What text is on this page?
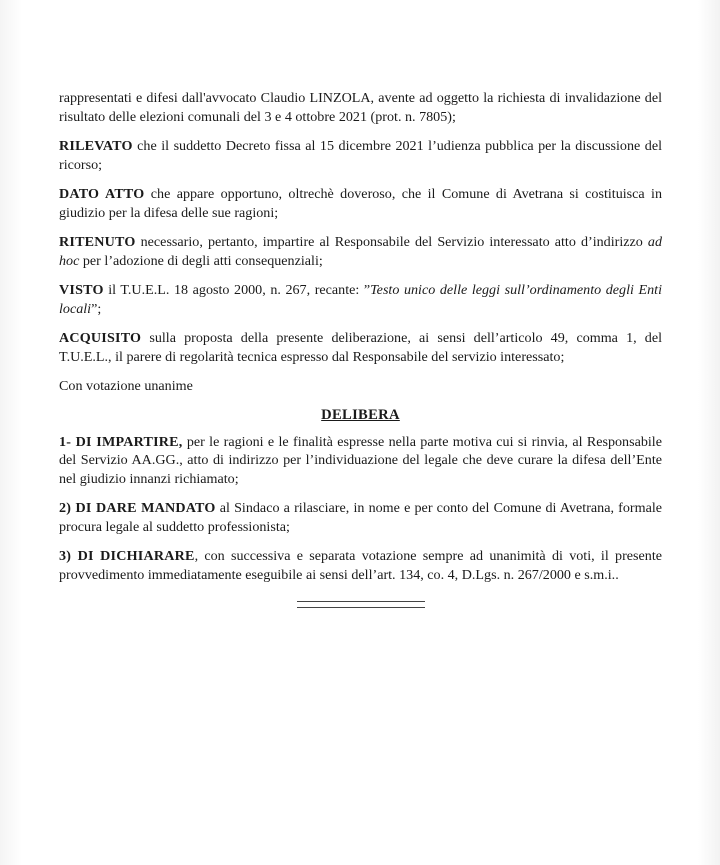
rappresentati e difesi dall'avvocato Claudio LINZOLA, avente ad oggetto la richiesta di invalidazione del risultato delle elezioni comunali del 3 e 4 ottobre 2021 (prot. n. 7805);

RILEVATO che il suddetto Decreto fissa al 15 dicembre 2021 l’udienza pubblica per la discussione del ricorso;

DATO ATTO che appare opportuno, oltrechè doveroso, che il Comune di Avetrana si costituisca in giudizio per la difesa delle sue ragioni;

RITENUTO necessario, pertanto, impartire al Responsabile del Servizio interessato atto d’indirizzo ad hoc per l’adozione di degli atti consequenziali;

VISTO il T.U.E.L. 18 agosto 2000, n. 267, recante: ”Testo unico delle leggi sull’ordinamento degli Enti locali”;

ACQUISITO sulla proposta della presente deliberazione, ai sensi dell’articolo 49, comma 1, del T.U.E.L., il parere di regolarità tecnica espresso dal Responsabile del servizio interessato;

Con votazione unanime

DELIBERA

1- DI IMPARTIRE, per le ragioni e le finalità espresse nella parte motiva cui si rinvia, al Responsabile del Servizio AA.GG., atto di indirizzo per l’individuazione del legale che deve curare la difesa dell’Ente nel giudizio innanzi richiamato;

2) DI DARE MANDATO al Sindaco a rilasciare, in nome e per conto del Comune di Avetrana, formale procura legale al suddetto professionista;

3) DI DICHIARARE, con successiva e separata votazione sempre ad unanimità di voti, il presente provvedimento immediatamente eseguibile ai sensi dell’art. 134, co. 4, D.Lgs. n. 267/2000 e s.m.i..
